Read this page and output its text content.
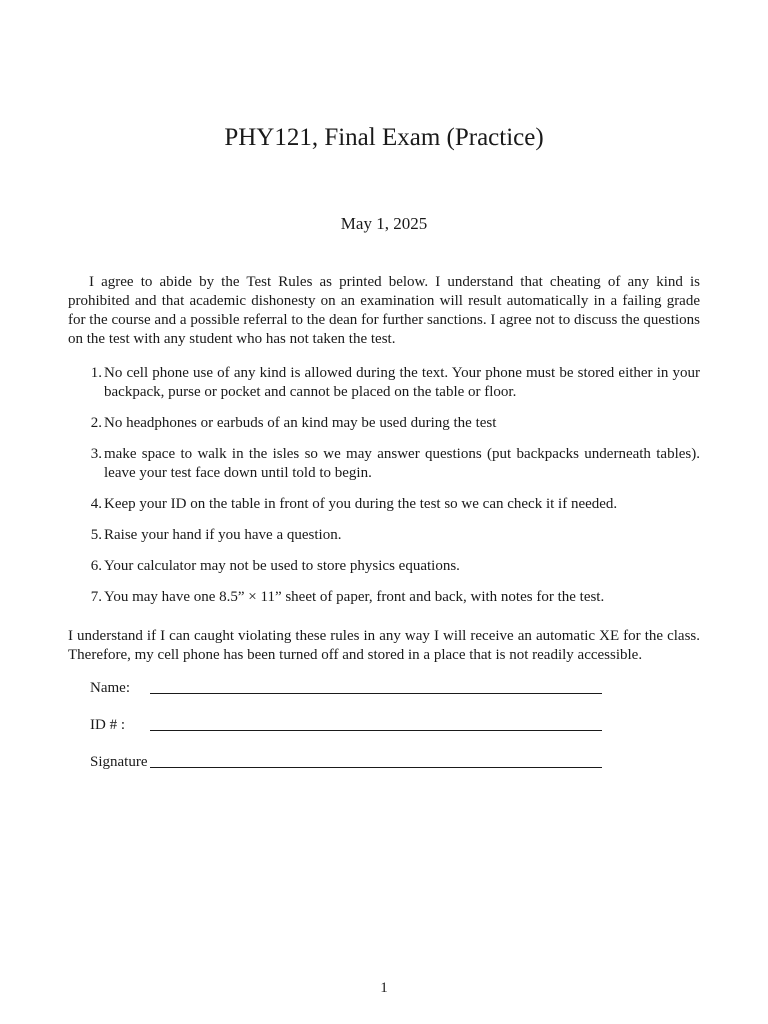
PHY121, Final Exam (Practice)
May 1, 2025

I agree to abide by the Test Rules as printed below. I understand that cheating of any kind is prohibited and that academic dishonesty on an examination will result automatically in a failing grade for the course and a possible referral to the dean for further sanctions. I agree not to discuss the questions on the test with any student who has not taken the test.

1. No cell phone use of any kind is allowed during the text. Your phone must be stored either in your backpack, purse or pocket and cannot be placed on the table or floor.
2. No headphones or earbuds of an kind may be used during the test
3. make space to walk in the isles so we may answer questions (put backpacks underneath tables). leave your test face down until told to begin.
4. Keep your ID on the table in front of you during the test so we can check it if needed.
5. Raise your hand if you have a question.
6. Your calculator may not be used to store physics equations.
7. You may have one 8.5” × 11” sheet of paper, front and back, with notes for the test.

I understand if I can caught violating these rules in any way I will receive an automatic XE for the class. Therefore, my cell phone has been turned off and stored in a place that is not readily accessible.

Name:
ID # :
Signature
1
